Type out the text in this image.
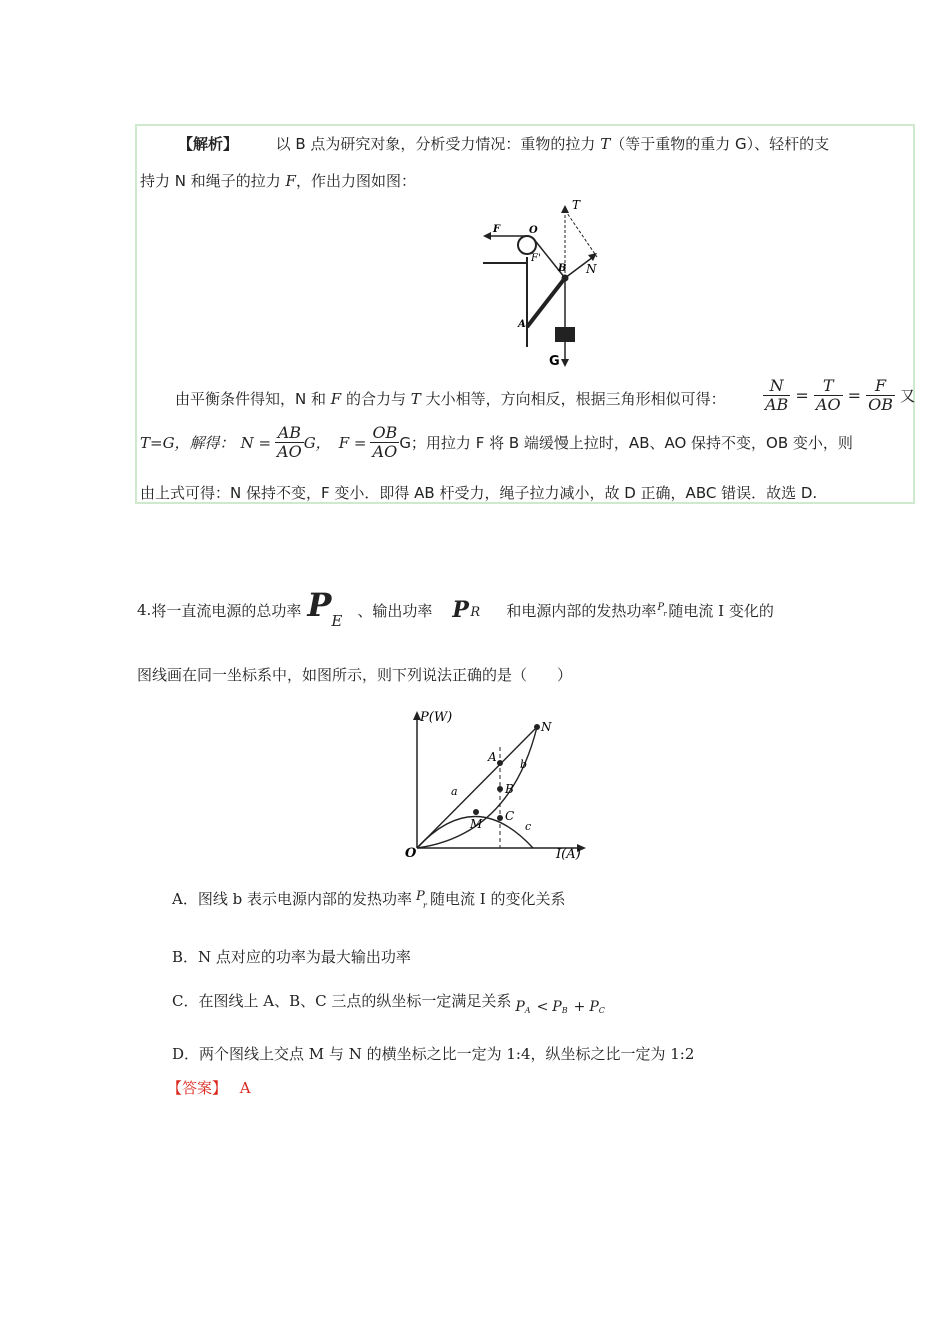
【解析】	以 B 点为研究对象，分析受力情况：重物的拉力 T（等于重物的重力 G）、轻杆的支
持力 N 和绳子的拉力 F，作出力图如图：
F	O
T
F'
B N
A
G
由平衡条件得知，N 和 F 的合力与 T 大小相等，方向相反，根据三角形相似可得： $\frac{N}{AB} = \frac{T}{AO} = \frac{F}{OB}$ 又
T=G，解得： $N = \frac{AB}{AO}$ G， $F = \frac{OB}{AO}$ G；用拉力 F 将 B 端缓慢上拉时，AB、AO 保持不变，OB 变小，则
由上式可得：N 保持不变，F 变小．即得 AB 杆受力，绳子拉力减小，故 D 正确，ABC 错误．故选 D.
4. 将一直流电源的总功率 P E
、输出功率 P R 和电源内部的发热功率 P
r 随电流 I 变化的
图线画在同一坐标系中，如图所示，则下列说法正确的是（　　）
P(W)
I(A)
O
N
A
B
C
M
a
b
c
A．图线 b 表示电源内部的发热功率 P
r 随电流 I 的变化关系
B．N 点对应的功率为最大输出功率
C．在图线上 A、B、C 三点的纵坐标一定满足关系 P A < P B + P C
D．两个图线上交点 M 与 N 的横坐标之比一定为 1:4，纵坐标之比一定为 1:2
【答案】 A
